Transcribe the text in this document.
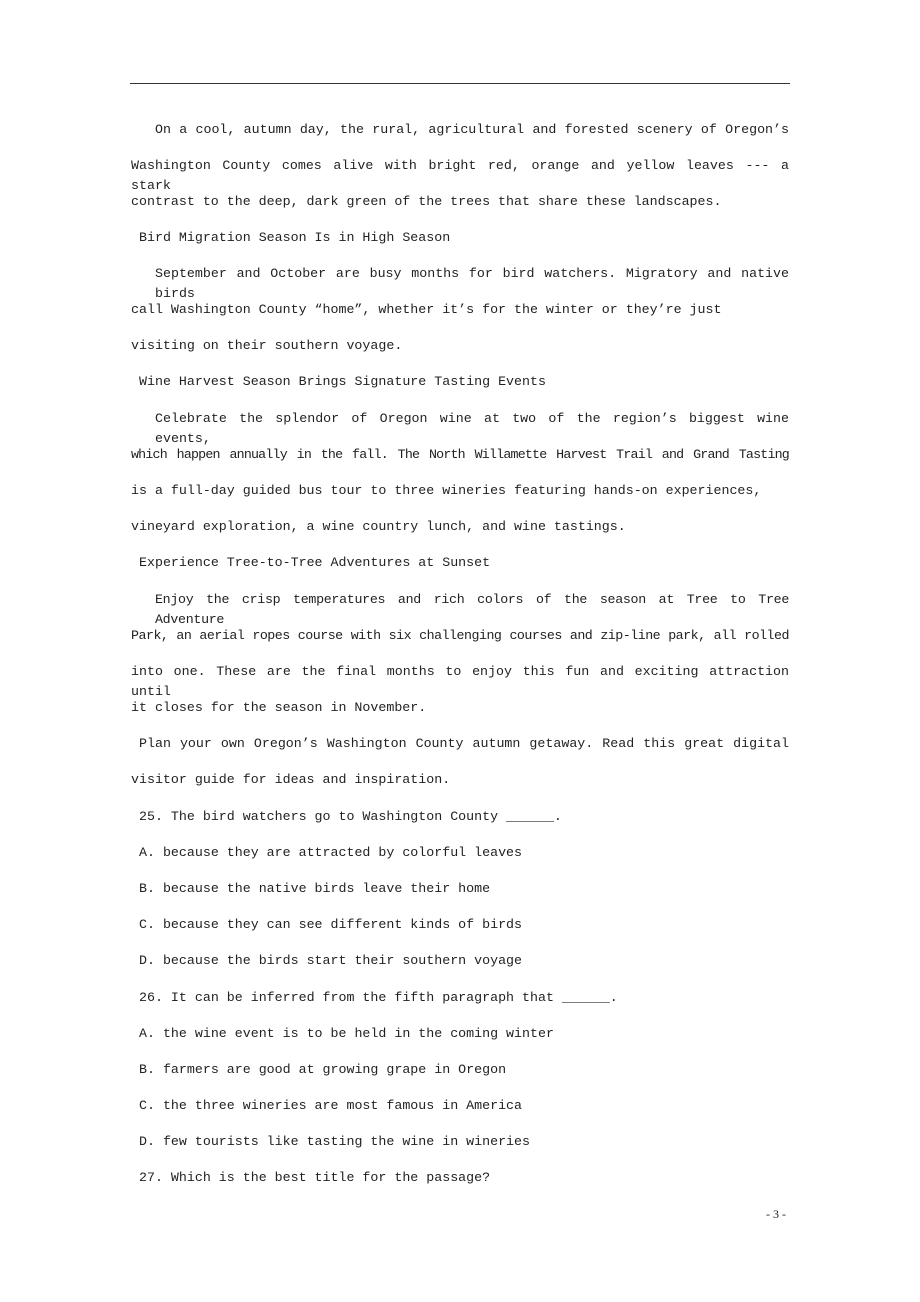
On a cool, autumn day, the rural, agricultural and forested scenery of Oregon’s
Washington County comes alive with bright red, orange and yellow leaves --- a stark
contrast to the deep, dark green of the trees that share these landscapes.
Bird Migration Season Is in High Season
September and October are busy months for bird watchers. Migratory and native birds
call Washington County “home”, whether it’s for the winter or they’re just
visiting on their southern voyage.
Wine Harvest Season Brings Signature Tasting Events
Celebrate the splendor of Oregon wine at two of the region’s biggest wine events,
which happen annually in the fall. The North Willamette Harvest Trail and Grand Tasting
is a full-day guided bus tour to three wineries featuring hands-on experiences,
vineyard exploration, a wine country lunch, and wine tastings.
Experience Tree-to-Tree Adventures at Sunset
Enjoy the crisp temperatures and rich colors of the season at Tree to Tree Adventure
Park, an aerial ropes course with six challenging courses and zip-line park, all rolled
into one. These are the final months to enjoy this fun and exciting attraction until
it closes for the season in November.
Plan your own Oregon’s Washington County autumn getaway. Read this great digital
visitor guide for ideas and inspiration.
25. The bird watchers go to Washington County ______.
A. because they are attracted by colorful leaves
B. because the native birds leave their home
C. because they can see different kinds of birds
D. because the birds start their southern voyage
26. It can be inferred from the fifth paragraph that ______.
A. the wine event is to be held in the coming winter
B. farmers are good at growing grape in Oregon
C. the three wineries are most famous in America
D. few tourists like tasting the wine in wineries
27. Which is the best title for the passage?
- 3 -
